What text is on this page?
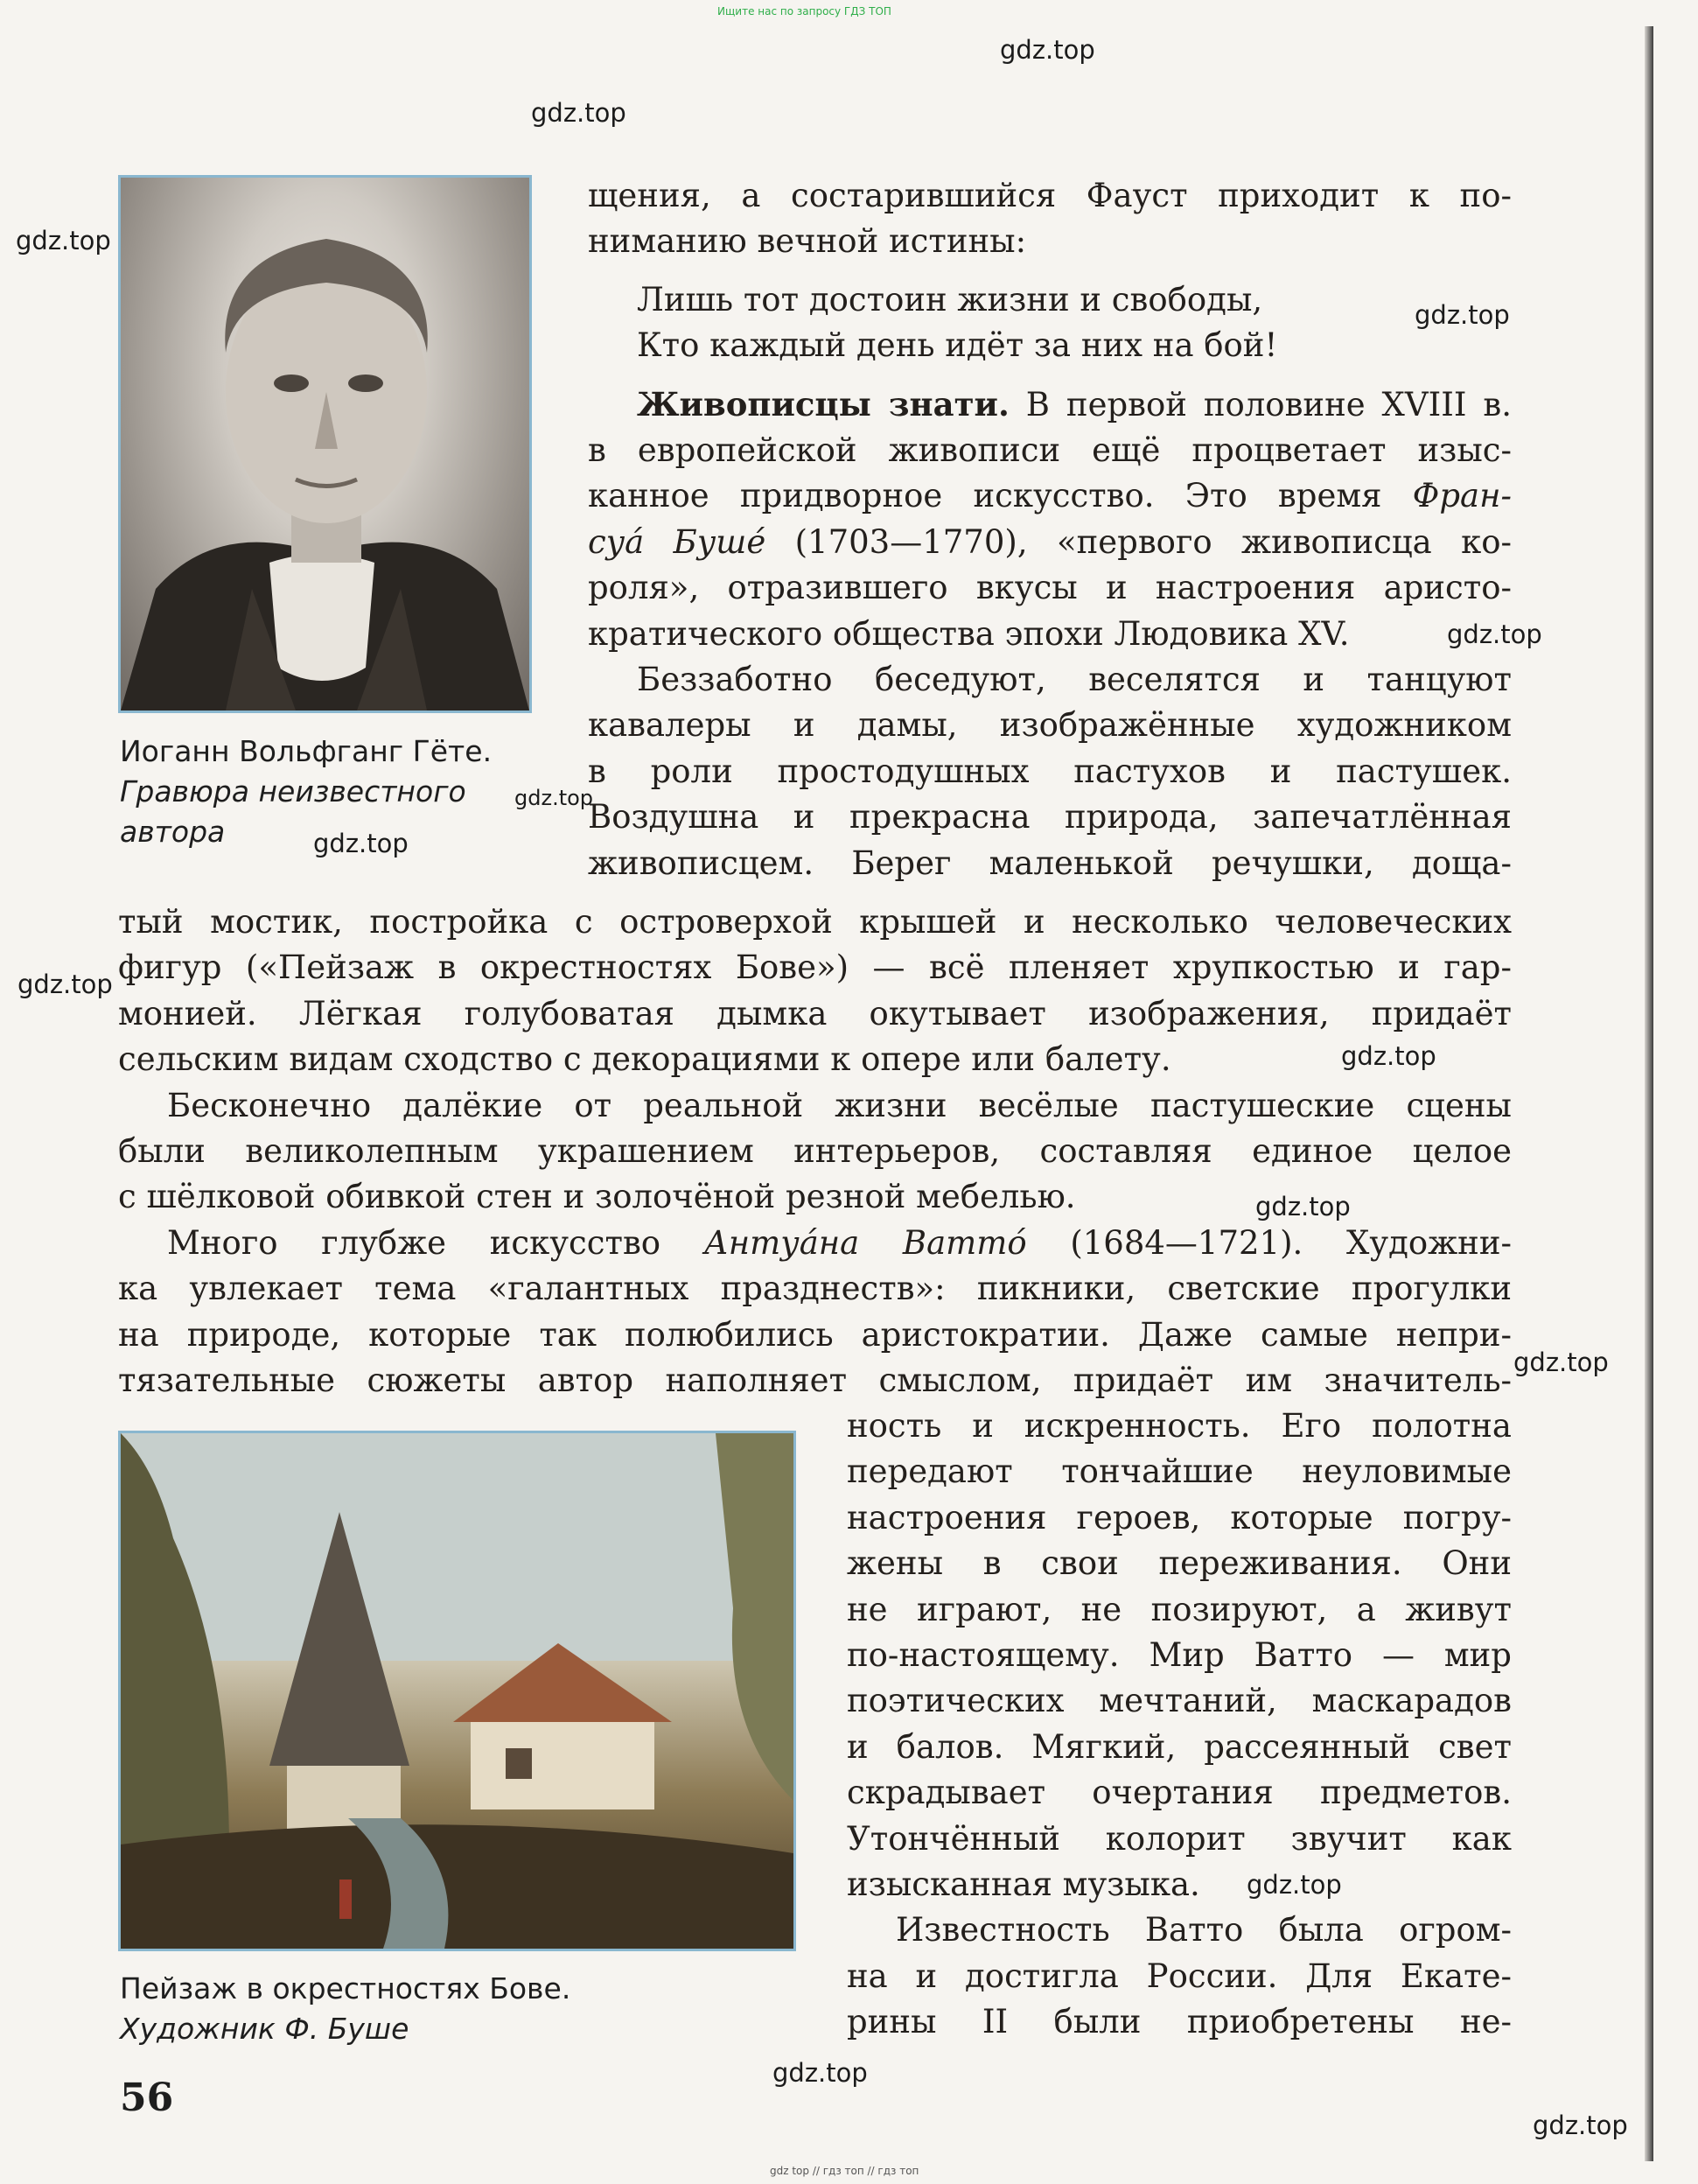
Ищите нас по запросу ГДЗ ТОП
gdz.top
gdz.top
gdz.top
gdz.top
gdz.top
gdz.top
gdz.top
gdz.top
gdz.top
gdz.top
gdz.top
gdz.top
gdz.top
gdz.top
Иоганн Вольфганг Гёте.
Гравюра неизвестного
автора
щения, а состарившийся Фауст приходит к по-
ниманию вечной истины:
Лишь тот достоин жизни и свободы,
Кто каждый день идёт за них на бой!
Живописцы знати. В первой половине XVIII в.
в европейской живописи ещё процветает изыс-
канное придворное искусство. Это время Фран-
суá Буше́ (1703—1770), «первого живописца ко-
роля», отразившего вкусы и настроения аристо-
кратического общества эпохи Людовика XV.
Беззаботно беседуют, веселятся и танцуют
кавалеры и дамы, изображённые художником
в роли простодушных пастухов и пастушек.
Воздушна и прекрасна природа, запечатлённая
живописцем. Берег маленькой речушки, доща-
тый мостик, постройка с островерхой крышей и несколько человеческих
фигур («Пейзаж в окрестностях Бове») — всё пленяет хрупкостью и гар-
монией. Лёгкая голубоватая дымка окутывает изображения, придаёт
сельским видам сходство с декорациями к опере или балету.
Бесконечно далёкие от реальной жизни весёлые пастушеские сцены
были великолепным украшением интерьеров, составляя единое целое
с шёлковой обивкой стен и золочёной резной мебелью.
Много глубже искусство Антуáна Ваттó (1684—1721). Художни-
ка увлекает тема «галантных празднеств»: пикники, светские прогулки
на природе, которые так полюбились аристократии. Даже самые непри-
тязательные сюжеты автор наполняет смыслом, придаёт им значитель-
Пейзаж в окрестностях Бове.
Художник Ф. Буше
ность и искренность. Его полотна
передают тончайшие неуловимые
настроения героев, которые погру-
жены в свои переживания. Они
не играют, не позируют, а живут
по-настоящему. Мир Ватто — мир
поэтических мечтаний, маскарадов
и балов. Мягкий, рассеянный свет
скрадывает очертания предметов.
Утончённый колорит звучит как
изысканная музыка.
Известность Ватто была огром-
на и достигла России. Для Екате-
рины II были приобретены не-
56
gdz top // гдз топ // гдз топ
